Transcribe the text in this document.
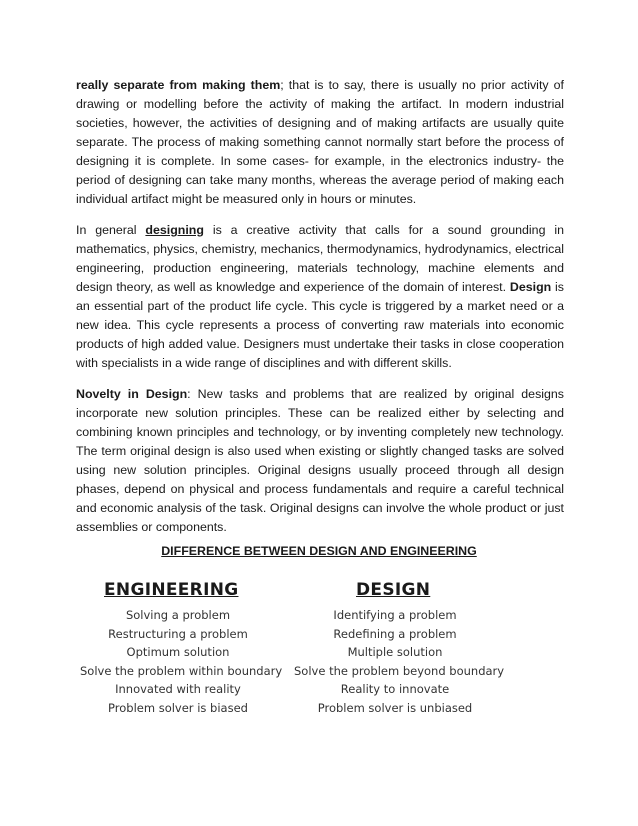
really separate from making them; that is to say, there is usually no prior activity of drawing or modelling before the activity of making the artifact. In modern industrial societies, however, the activities of designing and of making artifacts are usually quite separate. The process of making something cannot normally start before the process of designing it is complete. In some cases- for example, in the electronics industry- the period of designing can take many months, whereas the average period of making each individual artifact might be measured only in hours or minutes.

In general designing is a creative activity that calls for a sound grounding in mathematics, physics, chemistry, mechanics, thermodynamics, hydrodynamics, electrical engineering, production engineering, materials technology, machine elements and design theory, as well as knowledge and experience of the domain of interest. Design is an essential part of the product life cycle. This cycle is triggered by a market need or a new idea. This cycle represents a process of converting raw materials into economic products of high added value. Designers must undertake their tasks in close cooperation with specialists in a wide range of disciplines and with different skills.

Novelty in Design: New tasks and problems that are realized by original designs incorporate new solution principles. These can be realized either by selecting and combining known principles and technology, or by inventing completely new technology. The term original design is also used when existing or slightly changed tasks are solved using new solution principles. Original designs usually proceed through all design phases, depend on physical and process fundamentals and require a careful technical and economic analysis of the task. Original designs can involve the whole product or just assemblies or components.

DIFFERENCE BETWEEN DESIGN AND ENGINEERING
ENGINEERING	DESIGN
Solving a problem
Restructuring a problem
Optimum solution
Solve the problem within boundary
Innovated with reality
Problem solver is biased
Identifying a problem
Redefining a problem
Multiple solution
Solve the problem beyond boundary
Reality to innovate
Problem solver is unbiased
